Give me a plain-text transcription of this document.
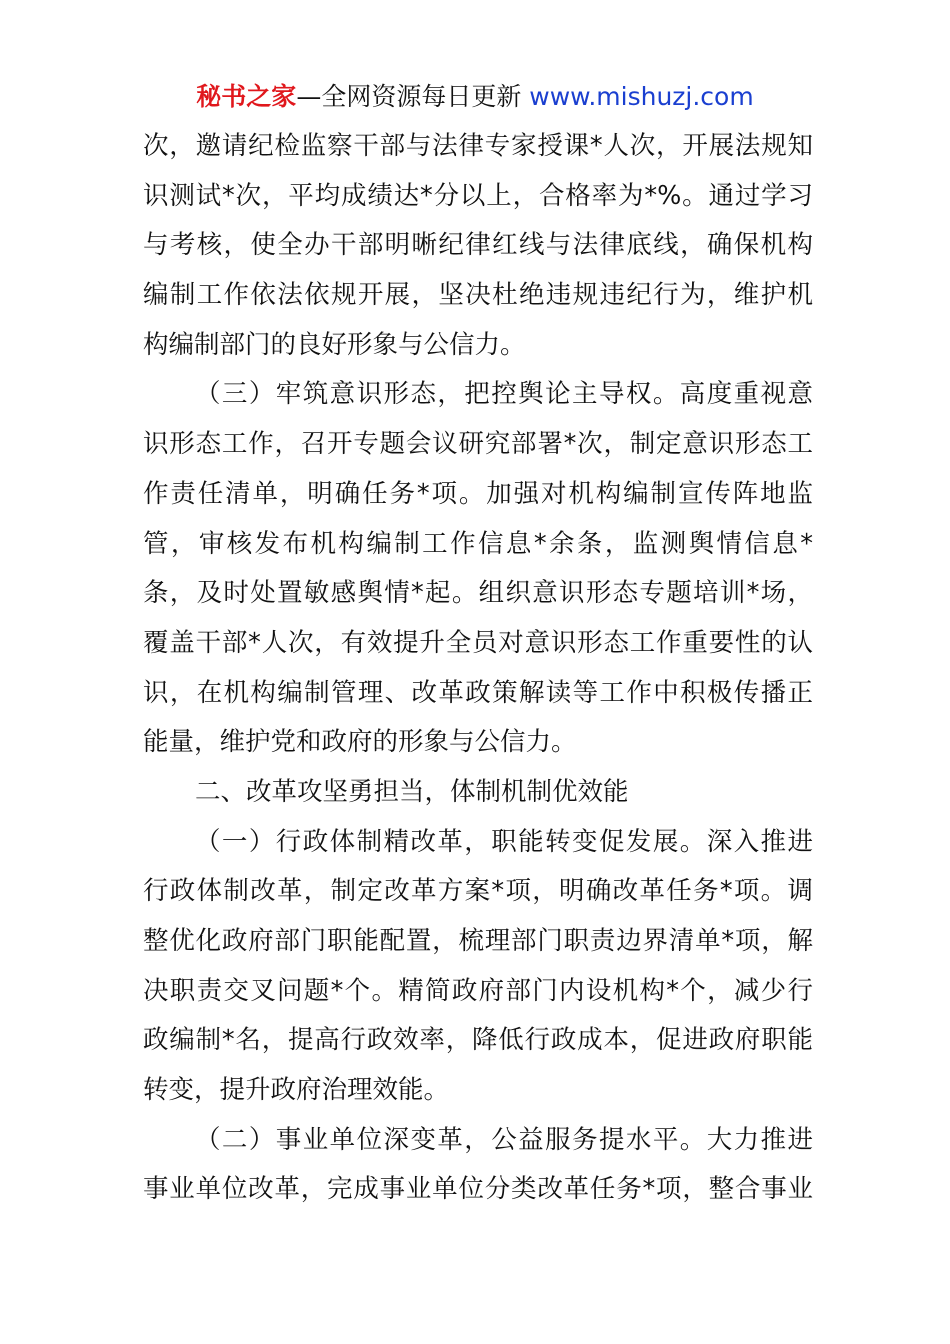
秘书之家—全网资源每日更新 www.mishuzj.com
次，邀请纪检监察干部与法律专家授课*人次，开展法规知
识测试*次，平均成绩达*分以上，合格率为*%。通过学习
与考核，使全办干部明晰纪律红线与法律底线，确保机构
编制工作依法依规开展，坚决杜绝违规违纪行为，维护机
构编制部门的良好形象与公信力。
（三）牢筑意识形态，把控舆论主导权。高度重视意
识形态工作，召开专题会议研究部署*次，制定意识形态工
作责任清单，明确任务*项。加强对机构编制宣传阵地监
管，审核发布机构编制工作信息*余条，监测舆情信息*
条，及时处置敏感舆情*起。组织意识形态专题培训*场，
覆盖干部*人次，有效提升全员对意识形态工作重要性的认
识，在机构编制管理、改革政策解读等工作中积极传播正
能量，维护党和政府的形象与公信力。
二、改革攻坚勇担当，体制机制优效能
（一）行政体制精改革，职能转变促发展。深入推进
行政体制改革，制定改革方案*项，明确改革任务*项。调
整优化政府部门职能配置，梳理部门职责边界清单*项，解
决职责交叉问题*个。精简政府部门内设机构*个，减少行
政编制*名，提高行政效率，降低行政成本，促进政府职能
转变，提升政府治理效能。
（二）事业单位深变革，公益服务提水平。大力推进
事业单位改革，完成事业单位分类改革任务*项，整合事业
